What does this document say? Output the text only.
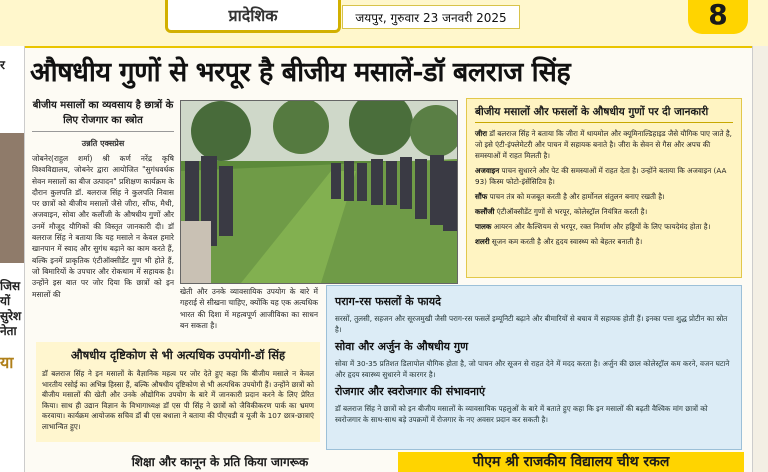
प्रादेशिक	जयपुर, गुरुवार 23 जनवरी 2025	8
र
जिस
यों
सुरेश
नेता
या
औषधीय गुणों से भरपूर है बीजीय मसालें-डॉ बलराज सिंह
बीजीय मसालों का व्यवसाय है छात्रों के लिए रोजगार का स्त्रोत
उन्नति एक्सप्रेस
जोबनेर(राहुल शर्मा) श्री कर्ण नरेंद्र कृषि विश्वविद्यालय, जोबनेर द्वारा आयोजित "सुगंधवर्धक सेवन मसालों का बीज उत्पादन" प्रशिक्षण कार्यक्रम के दौरान कुलपति डॉ. बलराज सिंह ने कुलपति निवास पर छात्रों को बीजीय मसालों जैसे जीरा, सौंफ, मैथी, अजवाइन, सोवा और कलौंजी के औषधीय गुणों और उनमें मौजूद यौगिकों की विस्तृत जानकारी दी। डॉ बलराज सिंह ने बताया कि यह मसाले न केवल हमारे खानपान में स्वाद और सुगंध बढ़ाने का काम करते हैं, बल्कि इनमें प्राकृतिक एंटीऑक्सीडेंट गुण भी होते हैं, जो बिमारियों के उपचार और रोकथाम में सहायक है। उन्होंने इस बात पर जोर दिया कि छात्रों को इन मसालों की	खेती और उनके व्यावसायिक उपयोग के बारे में गहराई से सीखना चाहिए, क्योंकि यह एक अत्यधिक भारत की दिशा में महत्वपूर्ण आजीविका का साधन बन सकता है।
बीजीय मसालों और फसलों के औषधीय गुणों पर दी जानकारी

जीरा डॉ बलराज सिंह ने बताया कि जीरा में थायमोल और क्यूमिनाल्डिहाइड जैसे यौगिक पाए जाते है, जो इसे एंटी-इंफ्लेमेटरी और पाचन में सहायक बनाते है। जीरा के सेवन से गैस और अपच की समस्याओं में राहत मिलती है।

अजवाइन पाचन सुधारने और पेट की समस्याओं में राहत देता है। उन्होंने बताया कि अजवाइन (AA 93) किस्म फोटो-इंसेंसिटिव है।

सौंफ पाचन तंत्र को मजबूत करती है और हार्मोनल संतुलन बनाए रखती है।

कलौंजी एंटीऑक्सीडेंट गुणों से भरपूर, कोलेस्ट्रॉल नियंत्रित करती है।

पालक आयरन और कैल्शियम से भरपूर, रक्त निर्माण और हड्डियों के लिए फायदेमंद होता है।

शलरी सूजन कम करती है और हृदय स्वास्थ्य को बेहतर बनाती है।

पराग-रस फसलों के फायदे
सरसों, तुलसी, सहजन और सूरजमुखी जैसी पराग-रस फसलें इम्यूनिटी बढ़ाने और बीमारियों से बचाव में सहायक होती हैं। इनका पत्ता शुद्ध प्रोटीन का स्रोत है।
सोवा और अर्जुन के औषधीय गुण
सोवा में 30-35 प्रतिशत डिलापोल यौगिक होता है, जो पाचन और सूजन से राहत देने में मदद करता है। अर्जुन की छाल कोलेस्ट्रॉल कम करने, वजन घटाने और हृदय स्वास्थ्य सुधारने में कारगर है।
रोजगार और स्वरोजगार की संभावनाएं
डॉ बलराज सिंह ने छात्रों को इन बीजीय मसालों के व्यावसायिक पहलुओं के बारे में बताते हुए कहा कि इन मसालों की बढ़ती वैश्विक मांग छात्रों को स्वरोजगार के साथ-साथ बड़े उपक्रमों में रोजगार के नए अवसर प्रदान कर सकती है।
औषधीय दृष्टिकोण से भी अत्यधिक उपयोगी-डॉ सिंह
डॉ बलराज सिंह ने इन मसालों के वैज्ञानिक महत्व पर जोर देते हुए कहा कि बीजीय मसाले न केवल भारतीय रसोई का अभिन्न हिस्सा हैं, बल्कि औषधीय दृष्टिकोण से भी अत्यधिक उपयोगी हैं। उन्होंने छात्रों को बीजीय मसालों की खेती और उनके औद्योगिक उपयोग के बारे में जानकारी प्रदान करने के लिए प्रेरित किया। साथ ही उद्यान विज्ञान के विभागाध्यक्ष डॉ एस पी सिंह ने छात्रों को जैविकीकरण पार्क का भ्रमण करवाया। कार्यक्रम आयोजक सचिव डॉ बी एस बधाला ने बताया की पीएचडी व यूजी के 107 छात्र-छात्राएं लाभान्वित हुए।
शिक्षा और कानून के प्रति किया जागरूक	पीएम श्री राजकीय विद्यालय चीथ रकल
